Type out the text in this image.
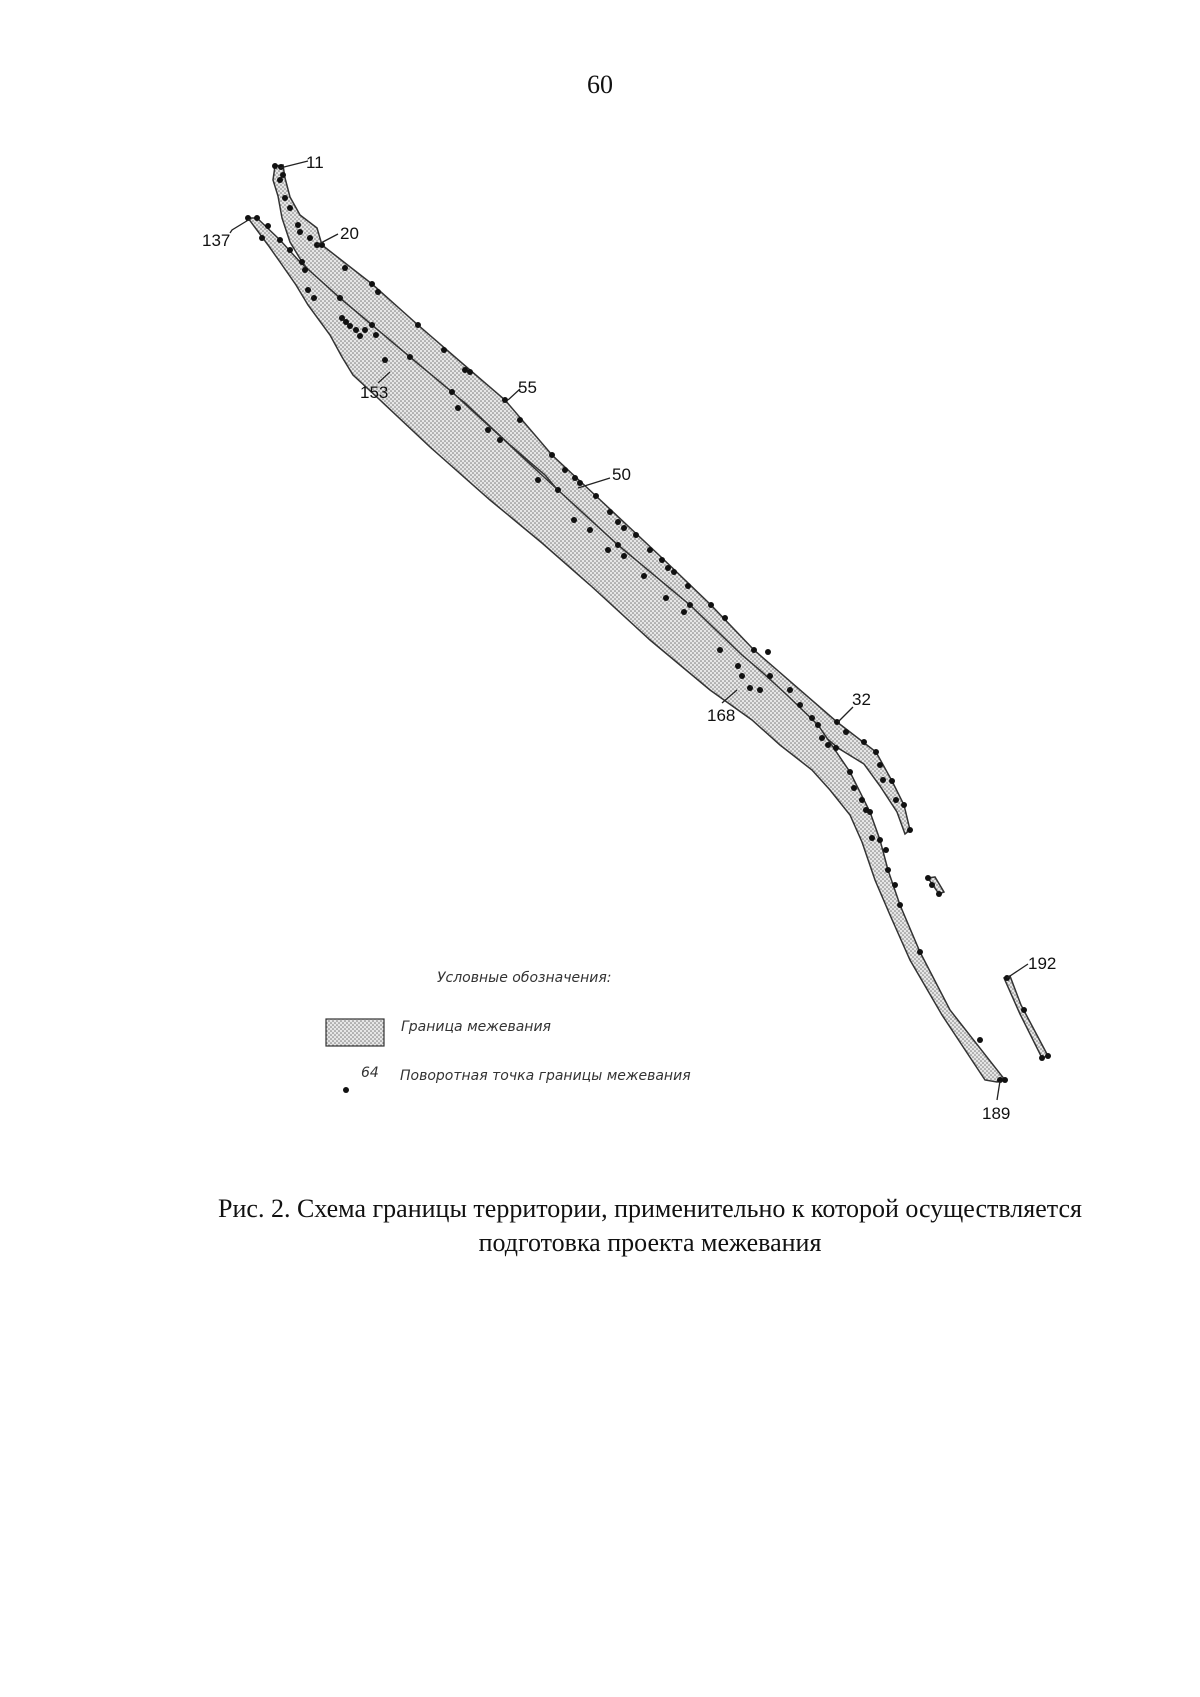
60
11
20
137
55
153
50
168
32
192
189
Условные обозначения:
Граница межевания
64 Поворотная точка границы межевания
Рис. 2. Схема границы территории, применительно к которой осуществляется
подготовка проекта межевания
